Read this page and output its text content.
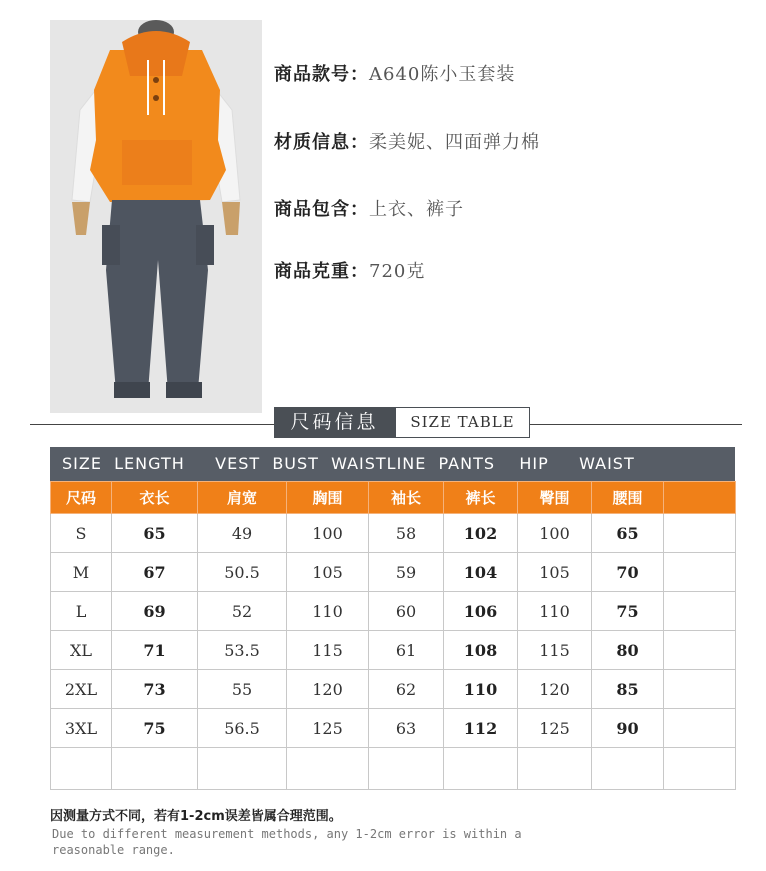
商品款号：A640陈小玉套装
材质信息：柔美妮、四面弹力棉
商品包含：上衣、裤子
商品克重：720克
尺码信息	SIZE TABLE
SIZE  LENGTH     VEST  BUST  WAISTLINE  PANTS    HIP     WAIST
尺码	衣长	肩宽	胸围	袖长	裤长	臀围	腰围	
S	65	49	100	58	102	100	65	
M	67	50.5	105	59	104	105	70	
L	69	52	110	60	106	110	75	
XL	71	53.5	115	61	108	115	80	
2XL	73	55	120	62	110	120	85	
3XL	75	56.5	125	63	112	125	90	

因测量方式不同，若有1-2cm误差皆属合理范围。
Due to different measurement methods, any 1-2cm error is within a reasonable range.
